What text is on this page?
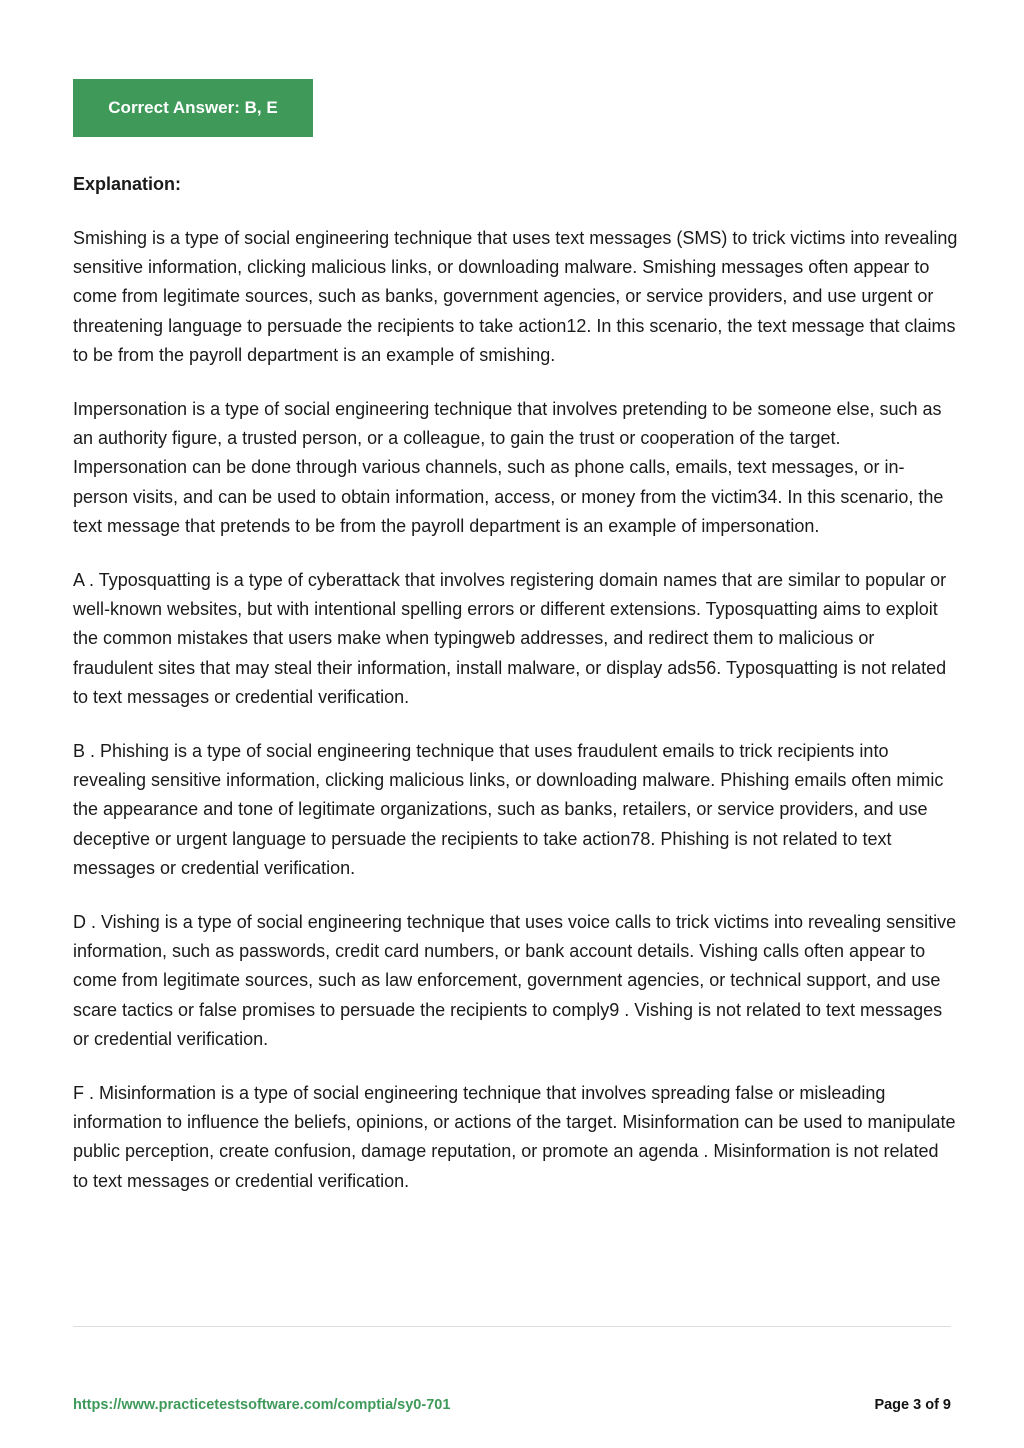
Correct Answer: B, E
Explanation:

Smishing is a type of social engineering technique that uses text messages (SMS) to trick victims into revealing sensitive information, clicking malicious links, or downloading malware. Smishing messages often appear to come from legitimate sources, such as banks, government agencies, or service providers, and use urgent or threatening language to persuade the recipients to take action12. In this scenario, the text message that claims to be from the payroll department is an example of smishing.

Impersonation is a type of social engineering technique that involves pretending to be someone else, such as an authority figure, a trusted person, or a colleague, to gain the trust or cooperation of the target. Impersonation can be done through various channels, such as phone calls, emails, text messages, or in-person visits, and can be used to obtain information, access, or money from the victim34. In this scenario, the text message that pretends to be from the payroll department is an example of impersonation.

A . Typosquatting is a type of cyberattack that involves registering domain names that are similar to popular or well-known websites, but with intentional spelling errors or different extensions. Typosquatting aims to exploit the common mistakes that users make when typingweb addresses, and redirect them to malicious or fraudulent sites that may steal their information, install malware, or display ads56. Typosquatting is not related to text messages or credential verification.

B . Phishing is a type of social engineering technique that uses fraudulent emails to trick recipients into revealing sensitive information, clicking malicious links, or downloading malware. Phishing emails often mimic the appearance and tone of legitimate organizations, such as banks, retailers, or service providers, and use deceptive or urgent language to persuade the recipients to take action78. Phishing is not related to text messages or credential verification.

D . Vishing is a type of social engineering technique that uses voice calls to trick victims into revealing sensitive information, such as passwords, credit card numbers, or bank account details. Vishing calls often appear to come from legitimate sources, such as law enforcement, government agencies, or technical support, and use scare tactics or false promises to persuade the recipients to comply9 . Vishing is not related to text messages or credential verification.

F . Misinformation is a type of social engineering technique that involves spreading false or misleading information to influence the beliefs, opinions, or actions of the target. Misinformation can be used to manipulate public perception, create confusion, damage reputation, or promote an agenda . Misinformation is not related to text messages or credential verification.

https://www.practicetestsoftware.com/comptia/sy0-701	Page 3 of 9
